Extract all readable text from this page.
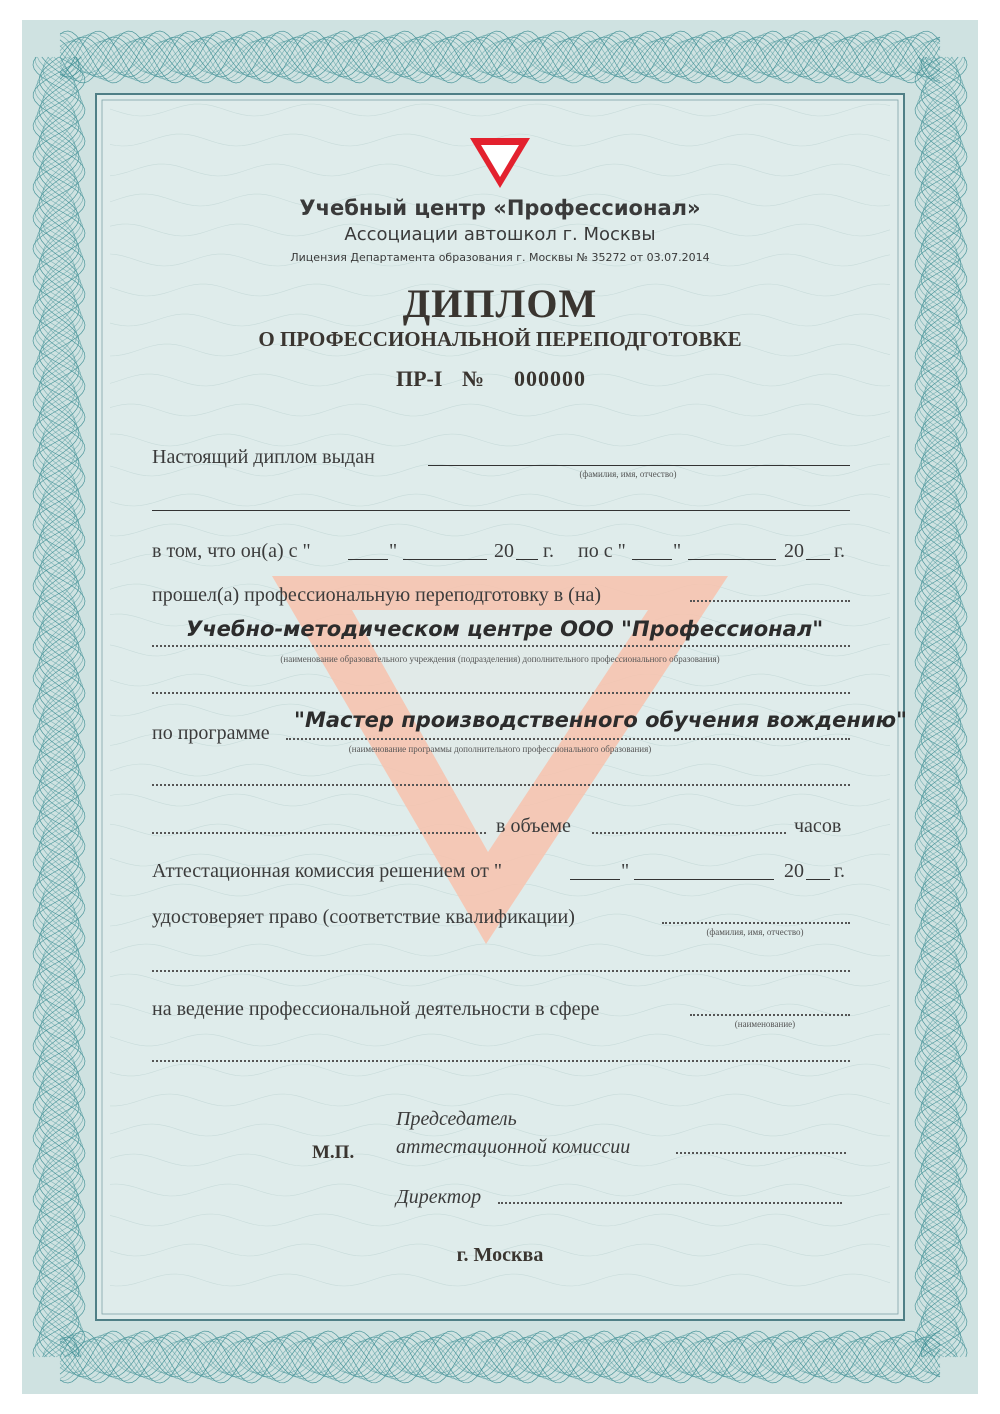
Учебный центр «Профессионал»
Ассоциации автошкол г. Москвы
Лицензия Департамента образования г. Москвы № 35272 от 03.07.2014
ДИПЛОМ
О ПРОФЕССИОНАЛЬНОЙ ПЕРЕПОДГОТОВКЕ
ПР-I № 000000
Настоящий диплом выдан
(фамилия, имя, отчество)
в том, что он(а) с "	"	20 г. по с " "	20 г.
прошел(а) профессиональную переподготовку в (на)
Учебно-методическом центре ООО "Профессионал"
(наименование образовательного учреждения (подразделения) дополнительного профессионального образования)
по программе
"Мастер производственного обучения вождению"
(наименование программы дополнительного профессионального образования)
в объеме	часов
Аттестационная комиссия решением от "	"	20 г.
удостоверяет право (соответствие квалификации)
(фамилия, имя, отчество)
на ведение профессиональной деятельности в сфере
(наименование)
Председатель
аттестационной комиссии
М.П.
Директор
г. Москва
